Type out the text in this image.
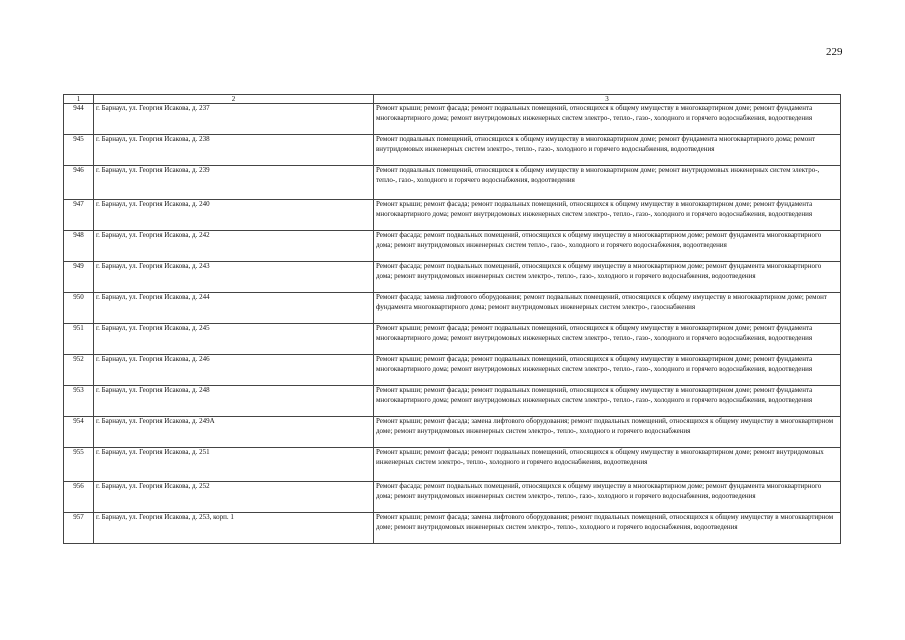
229
1	2	3
944	г. Барнаул, ул. Георгия Исакова, д. 237	Ремонт крыши; ремонт фасада; ремонт подвальных помещений, относящихся к общему имуществу в многоквартирном доме; ремонт фундамента многоквартирного дома; ремонт внутридомовых инженерных систем электро-, тепло-, газо-, холодного и горячего водоснабжения, водоотведения
945	г. Барнаул, ул. Георгия Исакова, д. 238	Ремонт подвальных помещений, относящихся к общему имуществу в многоквартирном доме; ремонт фундамента многоквартирного дома; ремонт внутридомовых инженерных систем электро-, тепло-, газо-, холодного и горячего водоснабжения, водоотведения
946	г. Барнаул, ул. Георгия Исакова, д. 239	Ремонт подвальных помещений, относящихся к общему имуществу в многоквартирном доме; ремонт внутридомовых инженерных систем электро-, тепло-, газо-, холодного и горячего водоснабжения, водоотведения
947	г. Барнаул, ул. Георгия Исакова, д. 240	Ремонт крыши; ремонт фасада; ремонт подвальных помещений, относящихся к общему имуществу в многоквартирном доме; ремонт фундамента многоквартирного дома; ремонт внутридомовых инженерных систем электро-, тепло-, газо-, холодного и горячего водоснабжения, водоотведения
948	г. Барнаул, ул. Георгия Исакова, д. 242	Ремонт фасада; ремонт подвальных помещений, относящихся к общему имуществу в многоквартирном доме; ремонт фундамента многоквартирного дома; ремонт внутридомовых инженерных систем тепло-, газо-, холодного и горячего водоснабжения, водоотведения
949	г. Барнаул, ул. Георгия Исакова, д. 243	Ремонт фасада; ремонт подвальных помещений, относящихся к общему имуществу в многоквартирном доме; ремонт фундамента многоквартирного дома; ремонт внутридомовых инженерных систем электро-, тепло-, газо-, холодного и горячего водоснабжения, водоотведения
950	г. Барнаул, ул. Георгия Исакова, д. 244	Ремонт фасада; замена лифтового оборудования; ремонт подвальных помещений, относящихся к общему имуществу в многоквартирном доме; ремонт фундамента многоквартирного дома; ремонт внутридомовых инженерных систем электро-, газоснабжения
951	г. Барнаул, ул. Георгия Исакова, д. 245	Ремонт крыши; ремонт фасада; ремонт подвальных помещений, относящихся к общему имуществу в многоквартирном доме; ремонт фундамента многоквартирного дома; ремонт внутридомовых инженерных систем электро-, тепло-, газо-, холодного и горячего водоснабжения, водоотведения
952	г. Барнаул, ул. Георгия Исакова, д. 246	Ремонт крыши; ремонт фасада; ремонт подвальных помещений, относящихся к общему имуществу в многоквартирном доме; ремонт фундамента многоквартирного дома; ремонт внутридомовых инженерных систем электро-, тепло-, газо-, холодного и горячего водоснабжения, водоотведения
953	г. Барнаул, ул. Георгия Исакова, д. 248	Ремонт крыши; ремонт фасада; ремонт подвальных помещений, относящихся к общему имуществу в многоквартирном доме; ремонт фундамента многоквартирного дома; ремонт внутридомовых инженерных систем электро-, тепло-, газо-, холодного и горячего водоснабжения, водоотведения
954	г. Барнаул, ул. Георгия Исакова, д. 249А	Ремонт крыши; ремонт фасада; замена лифтового оборудования; ремонт подвальных помещений, относящихся к общему имуществу в многоквартирном доме; ремонт внутридомовых инженерных систем электро-, тепло-, холодного и горячего водоснабжения
955	г. Барнаул, ул. Георгия Исакова, д. 251	Ремонт крыши; ремонт фасада; ремонт подвальных помещений, относящихся к общему имуществу в многоквартирном доме; ремонт внутридомовых инженерных систем электро-, тепло-, холодного и горячего водоснабжения, водоотведения
956	г. Барнаул, ул. Георгия Исакова, д. 252	Ремонт фасада; ремонт подвальных помещений, относящихся к общему имуществу в многоквартирном доме; ремонт фундамента многоквартирного дома; ремонт внутридомовых инженерных систем электро-, тепло-, газо-, холодного и горячего водоснабжения, водоотведения
957	г. Барнаул, ул. Георгия Исакова, д. 253, корп. 1	Ремонт крыши; ремонт фасада; замена лифтового оборудования; ремонт подвальных помещений, относящихся к общему имуществу в многоквартирном доме; ремонт внутридомовых инженерных систем электро-, тепло-, холодного и горячего водоснабжения, водоотведения
